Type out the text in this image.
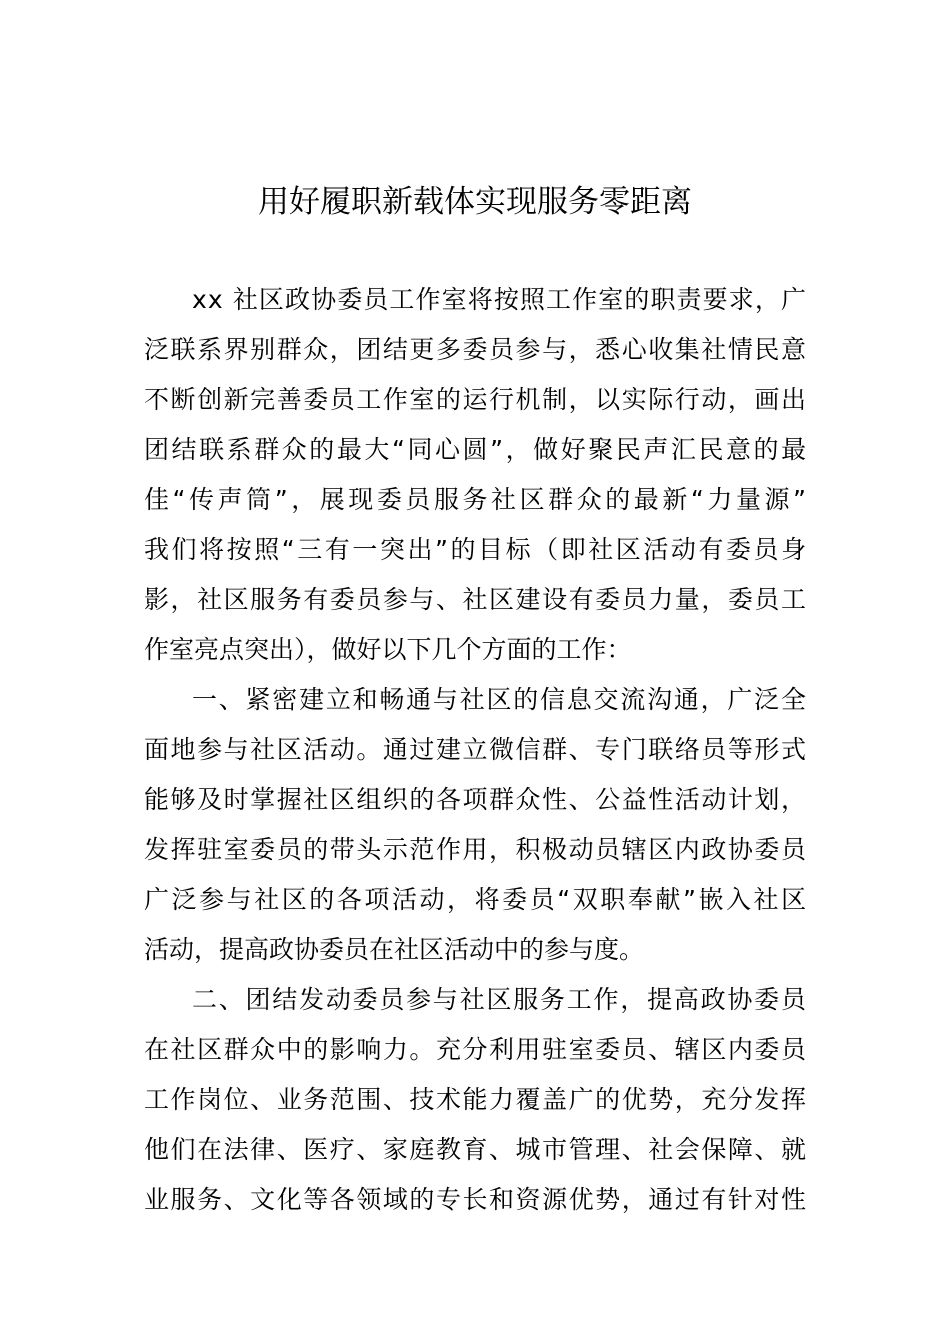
用好履职新载体实现服务零距离
xx 社区政协委员工作室将按照工作室的职责要求，广
泛联系界别群众，团结更多委员参与，悉心收集社情民意
不断创新完善委员工作室的运行机制，以实际行动，画出
团结联系群众的最大“同心圆”，做好聚民声汇民意的最
佳“传声筒”，展现委员服务社区群众的最新“力量源”
我们将按照“三有一突出”的目标（即社区活动有委员身
影，社区服务有委员参与、社区建设有委员力量，委员工
作室亮点突出），做好以下几个方面的工作：
一、紧密建立和畅通与社区的信息交流沟通，广泛全
面地参与社区活动。通过建立微信群、专门联络员等形式
能够及时掌握社区组织的各项群众性、公益性活动计划，
发挥驻室委员的带头示范作用，积极动员辖区内政协委员
广泛参与社区的各项活动，将委员“双职奉献”嵌入社区
活动，提高政协委员在社区活动中的参与度。
二、团结发动委员参与社区服务工作，提高政协委员
在社区群众中的影响力。充分利用驻室委员、辖区内委员
工作岗位、业务范围、技术能力覆盖广的优势，充分发挥
他们在法律、医疗、家庭教育、城市管理、社会保障、就
业服务、文化等各领域的专长和资源优势，通过有针对性
